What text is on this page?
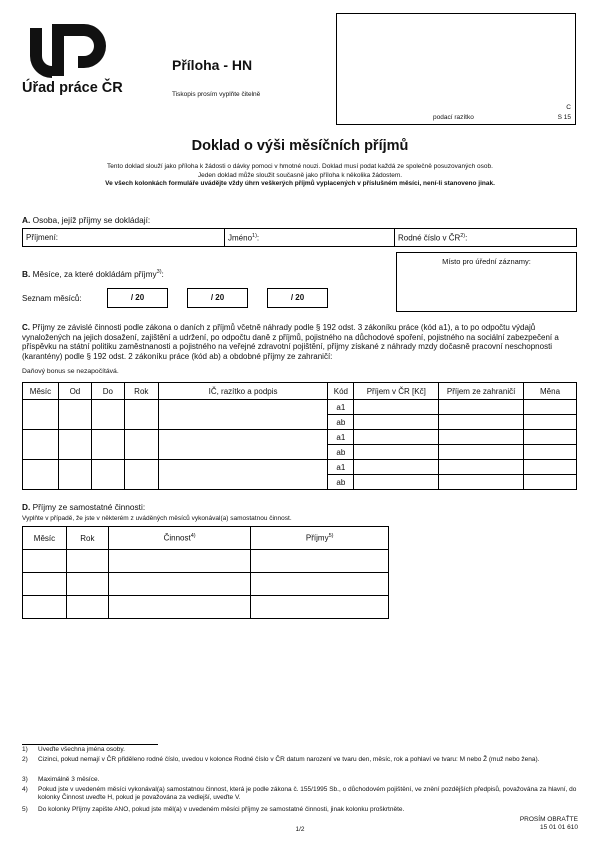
Úřad práce ČR
Příloha - HN
Tiskopis prosím vyplňte čitelně
podací razítko
C
S 15
Doklad o výši měsíčních příjmů
Tento doklad slouží jako příloha k žádosti o dávky pomoci v hmotné nouzi. Doklad musí podat každá ze společně posuzovaných osob.
Jeden doklad může sloužit současně jako příloha k několika žádostem.
Ve všech kolonkách formuláře uvádějte vždy úhrn veškerých příjmů vyplacených v příslušném měsíci, není-li stanoveno jinak.
A. Osoba, jejíž příjmy se dokládají:
Příjmení:	Jméno$^{1)}$:	Rodné číslo v ČR$^{2)}$:
Místo pro úřední záznamy:
B. Měsíce, za které dokládám příjmy$^{3)}$:
Seznam měsíců:	/ 20	/ 20	/ 20
C. Příjmy ze závislé činnosti podle zákona o daních z příjmů včetně náhrady podle § 192 odst. 3 zákoníku práce (kód a1), a to po odpočtu výdajů vynaložených na jejich dosažení, zajištění a udržení, po odpočtu daně z příjmů, pojistného na důchodové spoření, pojistného na sociální zabezpečení a příspěvku na státní politiku zaměstnanosti a pojistného na veřejné zdravotní pojištění, příjmy získané z náhrady mzdy dočasně pracovní neschopnosti (karantény) podle § 192 odst. 2 zákoníku práce (kód ab) a obdobné příjmy ze zahraničí:
Daňový bonus se nezapočítává.
Měsíc	Od	Do	Rok	IČ, razítko a podpis	Kód	Příjem v ČR [Kč]	Příjem ze zahraničí	Měna
					a1			
					ab			
					a1			
					ab			
					a1			
					ab			
D. Příjmy ze samostatné činnosti:
Vyplňte v případě, že jste v některém z uváděných měsíců vykonával(a) samostatnou činnost.
Měsíc	Rok	Činnost$^{4)}$	Příjmy$^{5)}$

1) Uveďte všechna jména osoby.
2) Cizinci, pokud nemají v ČR přiděleno rodné číslo, uvedou v kolonce Rodné číslo v ČR datum narození ve tvaru den, měsíc, rok a pohlaví ve tvaru: M nebo Ž (muž nebo žena).
3) Maximálně 3 měsíce.
4) Pokud jste v uvedeném měsíci vykonával(a) samostatnou činnost, která je podle zákona č. 155/1995 Sb., o důchodovém pojištění, ve znění pozdějších předpisů, považována za hlavní, do kolonky Činnost uveďte H, pokud je považována za vedlejší, uveďte V.
5) Do kolonky Příjmy zapište ANO, pokud jste měl(a) v uvedeném měsíci příjmy ze samostatné činnosti, jinak kolonku proškrtněte.
PROSÍM OBRAŤTE
15 01 01 610
1/2
